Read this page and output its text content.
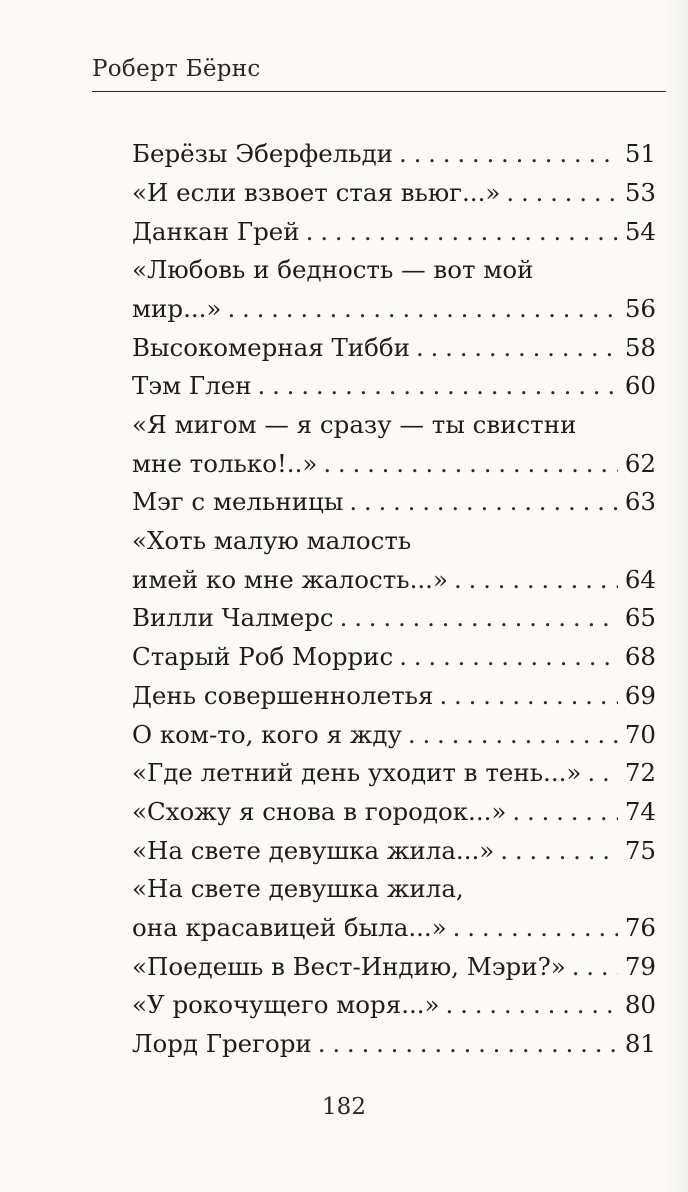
Роберт Бёрнс
Берёзы Эберфельди . . .	51
«И если взвоет стая вьюг...» . . .	53
Данкан Грей . . .	54
«Любовь и бедность — вот мой
мир...» . . .	56
Высокомерная Тибби . . .	58
Тэм Глен . . .	60
«Я мигом — я сразу — ты свистни
мне только!..» . . .	62
Мэг с мельницы . . .	63
«Хоть малую малость
имей ко мне жалость...» . . .	64
Вилли Чалмерс . . .	65
Старый Роб Моррис . . .	68
День совершеннолетья . . .	69
О ком-то, кого я жду . . .	70
«Где летний день уходит в тень...» . . . 72
«Схожу я снова в городок...» . . .	74
«На свете девушка жила...» . . .	75
«На свете девушка жила,
она красавицей была...» . . .	76
«Поедешь в Вест-Индию, Мэри?» . . . 79
«У рокочущего моря...» . . .	80
Лорд Грегори . . .	81
182
